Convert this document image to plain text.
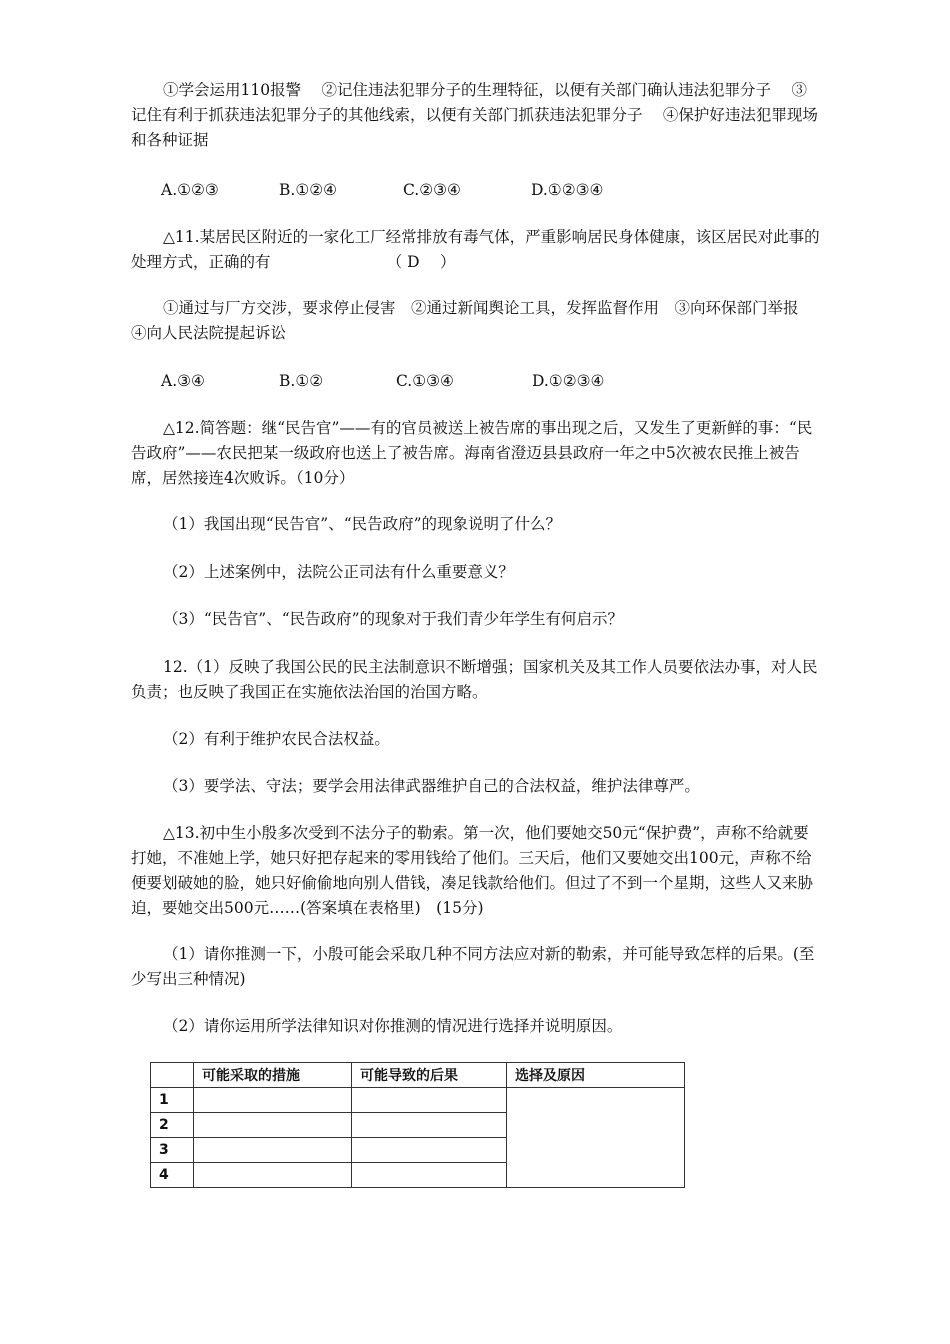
①学会运用110报警　 ②记住违法犯罪分子的生理特征，以便有关部门确认违法犯罪分子　 ③记住有利于抓获违法犯罪分子的其他线索，以便有关部门抓获违法犯罪分子　 ④保护好违法犯罪现场和各种证据

A.①②③	B.①②④	C.②③④	D.①②③④

△11.某居民区附近的一家化工厂经常排放有毒气体，严重影响居民身体健康，该区居民对此事的处理方式，正确的有　　　　　　　　（ D　 ）

①通过与厂方交涉，要求停止侵害　②通过新闻舆论工具，发挥监督作用　③向环保部门举报　④向人民法院提起诉讼

A.③④	B.①②	C.①③④	D.①②③④

△12.简答题：继“民告官”——有的官员被送上被告席的事出现之后，又发生了更新鲜的事：“民告政府”——农民把某一级政府也送上了被告席。海南省澄迈县县政府一年之中5次被农民推上被告席，居然接连4次败诉。（10分）

（1）我国出现“民告官”、“民告政府”的现象说明了什么？

（2）上述案例中，法院公正司法有什么重要意义？

（3）“民告官”、“民告政府”的现象对于我们青少年学生有何启示？

12.（1）反映了我国公民的民主法制意识不断增强；国家机关及其工作人员要依法办事，对人民负责；也反映了我国正在实施依法治国的治国方略。

（2）有利于维护农民合法权益。

（3）要学法、守法；要学会用法律武器维护自己的合法权益，维护法律尊严。

△13.初中生小殷多次受到不法分子的勒索。第一次，他们要她交50元“保护费”，声称不给就要打她，不准她上学，她只好把存起来的零用钱给了他们。三天后，他们又要她交出100元，声称不给便要划破她的脸，她只好偷偷地向别人借钱，凑足钱款给他们。但过了不到一个星期，这些人又来胁迫，要她交出500元……(答案填在表格里)　(15分)

（1）请你推测一下，小殷可能会采取几种不同方法应对新的勒索，并可能导致怎样的后果。(至少写出三种情况)

（2）请你运用所学法律知识对你推测的情况进行选择并说明原因。

	可能采取的措施	可能导致的后果	选择及原因
1			
2			
3			
4			
